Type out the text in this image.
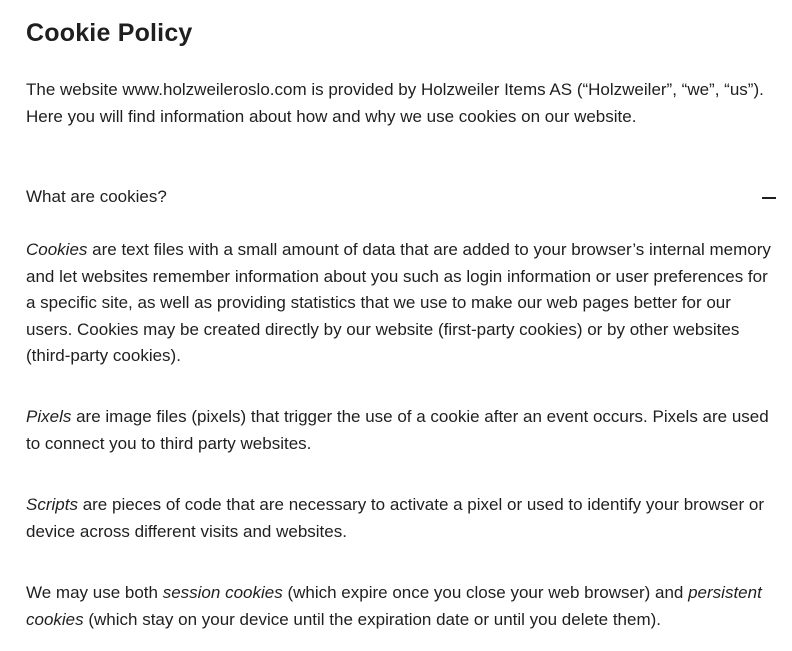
Cookie Policy

The website www.holzweileroslo.com is provided by Holzweiler Items AS (“Holzweiler”, “we”, “us”). Here you will find information about how and why we use cookies on our website.

What are cookies?

Cookies are text files with a small amount of data that are added to your browser’s internal memory and let websites remember information about you such as login information or user preferences for a specific site, as well as providing statistics that we use to make our web pages better for our users. Cookies may be created directly by our website (first-party cookies) or by other websites (third-party cookies).

Pixels are image files (pixels) that trigger the use of a cookie after an event occurs. Pixels are used to connect you to third party websites.

Scripts are pieces of code that are necessary to activate a pixel or used to identify your browser or device across different visits and websites.

We may use both session cookies (which expire once you close your web browser) and persistent cookies (which stay on your device until the expiration date or until you delete them).
